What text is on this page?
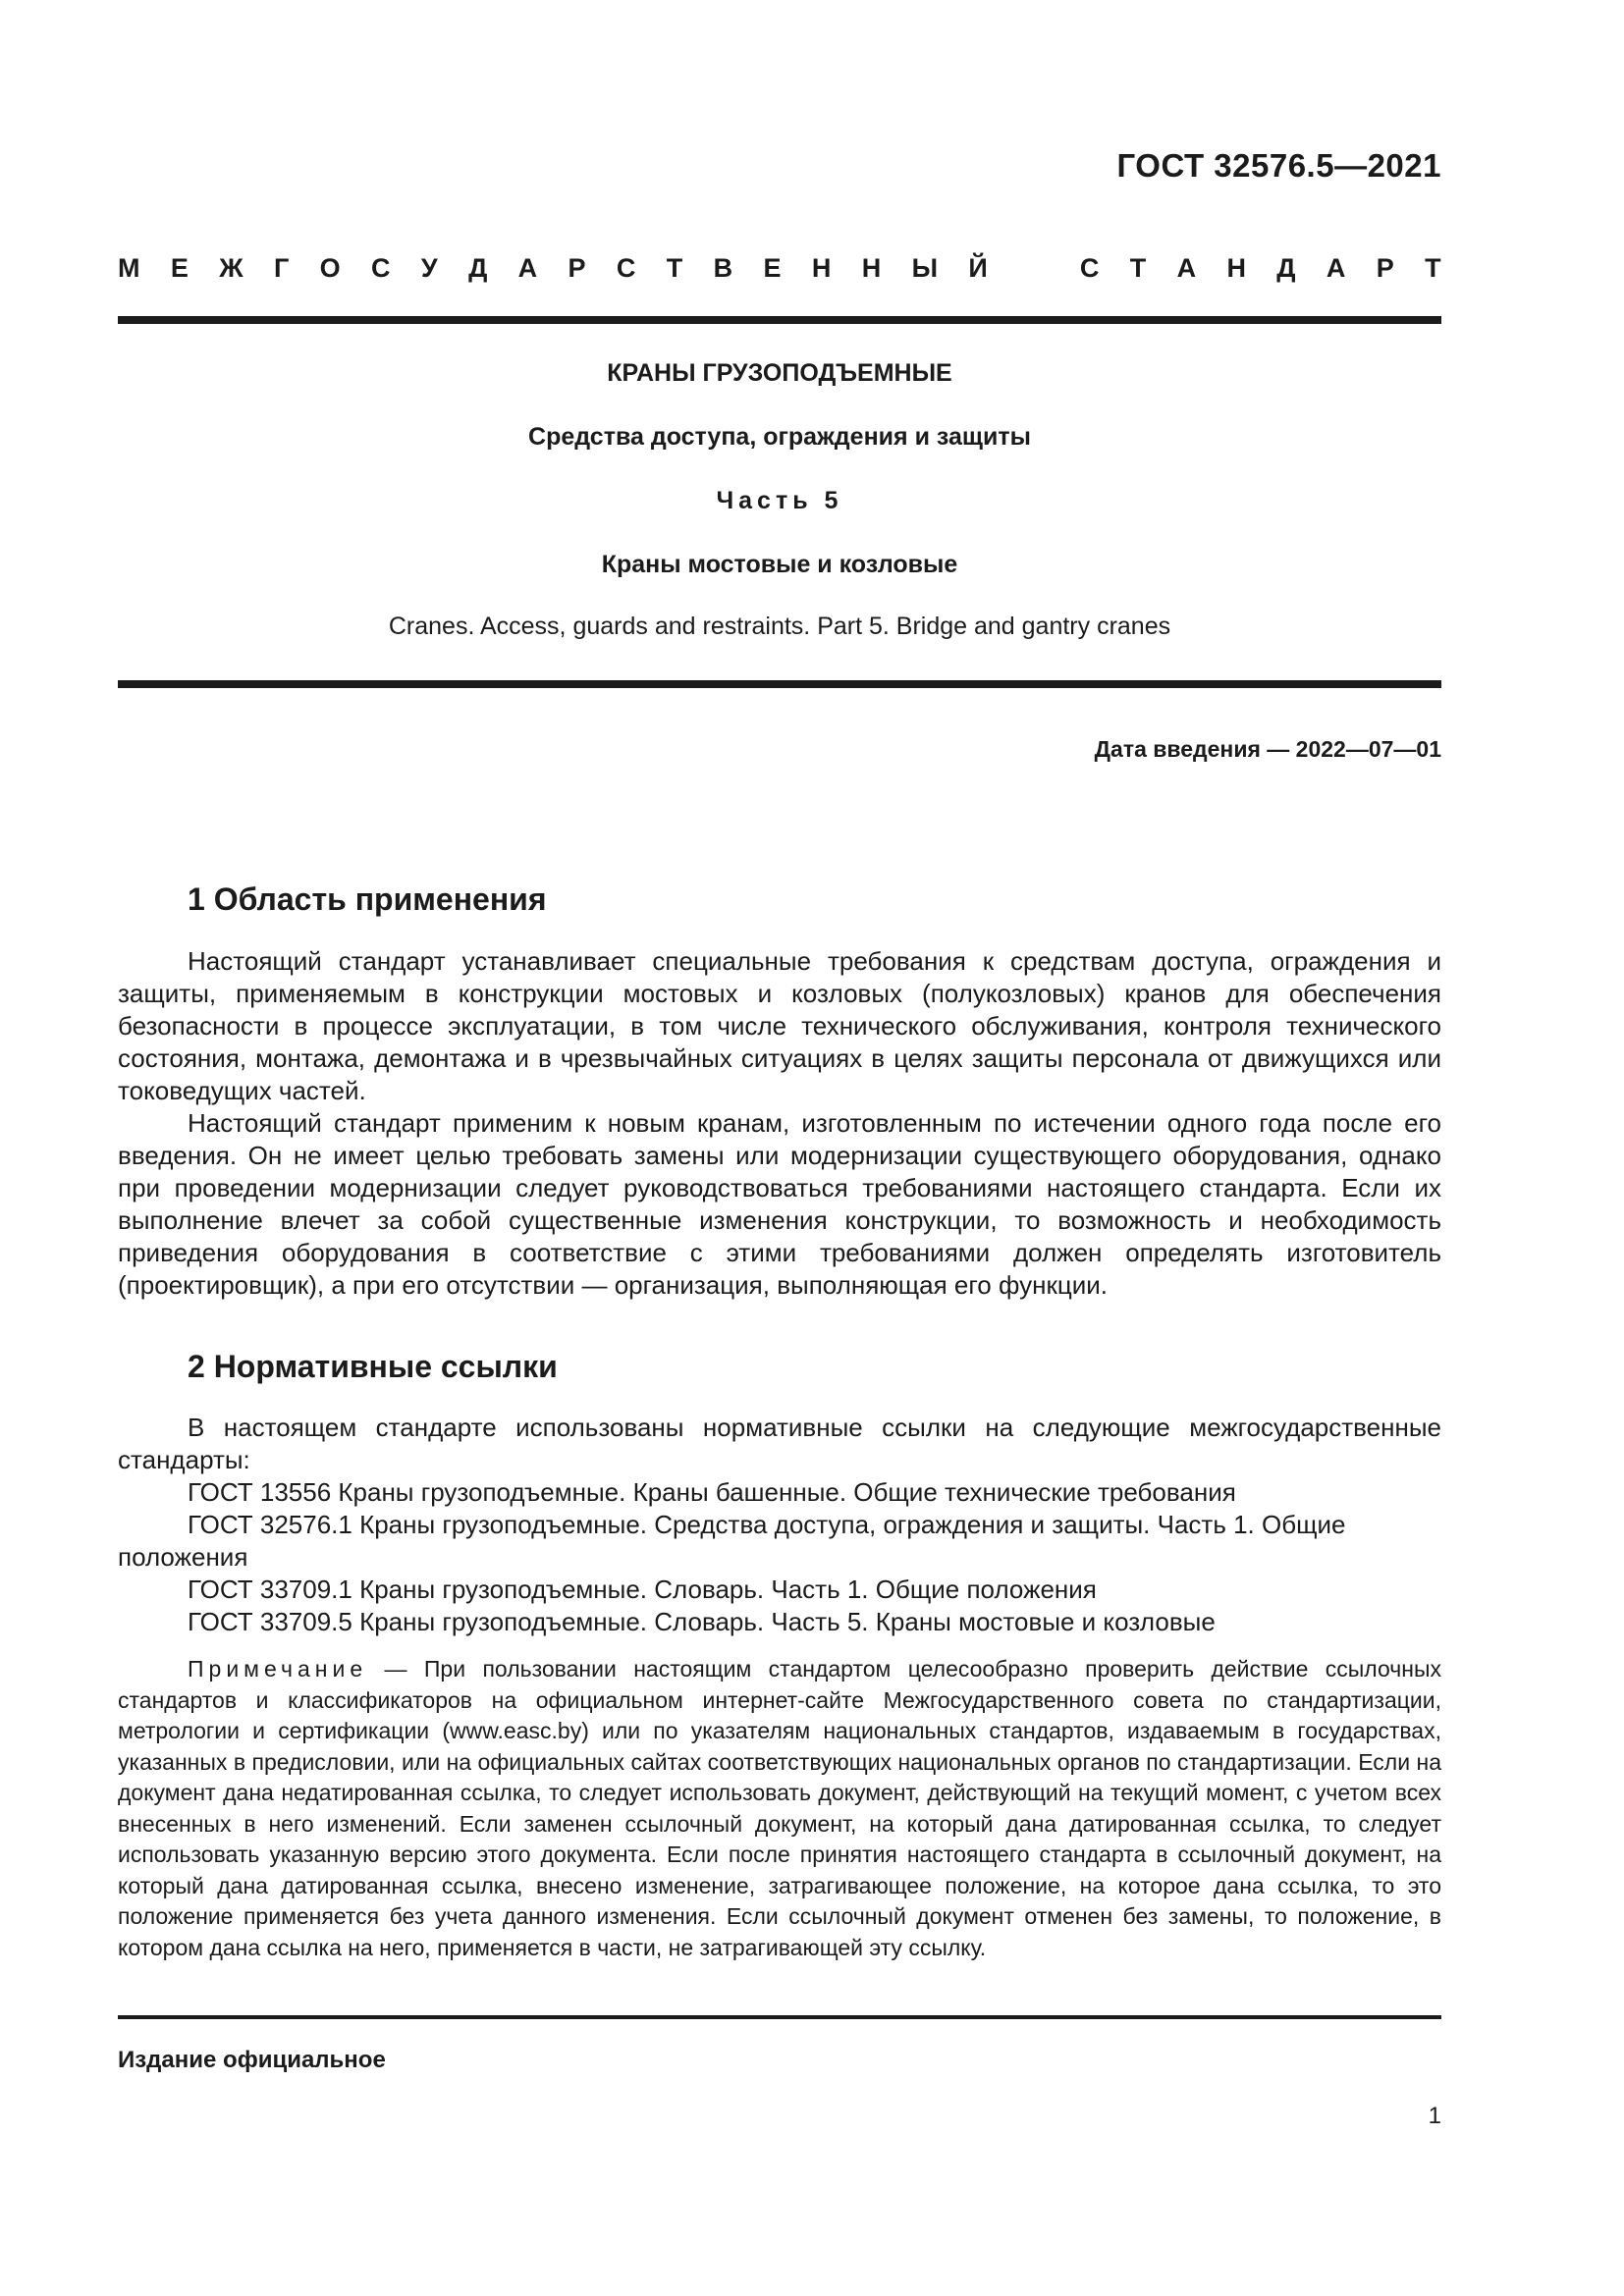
ГОСТ 32576.5—2021
М Е Ж Г О С У Д А Р С Т В Е Н Н Ы Й	С Т А Н Д А Р Т
КРАНЫ ГРУЗОПОДЪЕМНЫЕ
Средства доступа, ограждения и защиты
Часть 5
Краны мостовые и козловые
Cranes. Access, guards and restraints. Part 5. Bridge and gantry cranes
Дата введения — 2022—07—01
1 Область применения

Настоящий стандарт устанавливает специальные требования к средствам доступа, ограждения и защиты, применяемым в конструкции мостовых и козловых (полукозловых) кранов для обеспечения безопасности в процессе эксплуатации, в том числе технического обслуживания, контроля технического состояния, монтажа, демонтажа и в чрезвычайных ситуациях в целях защиты персонала от движущихся или токоведущих частей.

Настоящий стандарт применим к новым кранам, изготовленным по истечении одного года после его введения. Он не имеет целью требовать замены или модернизации существующего оборудования, однако при проведении модернизации следует руководствоваться требованиями настоящего стандарта. Если их выполнение влечет за собой существенные изменения конструкции, то возможность и необходимость приведения оборудования в соответствие с этими требованиями должен определять изготовитель (проектировщик), а при его отсутствии — организация, выполняющая его функции.

2 Нормативные ссылки

В настоящем стандарте использованы нормативные ссылки на следующие межгосударственные стандарты:

ГОСТ 13556 Краны грузоподъемные. Краны башенные. Общие технические требования

ГОСТ 32576.1 Краны грузоподъемные. Средства доступа, ограждения и защиты. Часть 1. Общие положения

ГОСТ 33709.1 Краны грузоподъемные. Словарь. Часть 1. Общие положения

ГОСТ 33709.5 Краны грузоподъемные. Словарь. Часть 5. Краны мостовые и козловые

Примечание — При пользовании настоящим стандартом целесообразно проверить действие ссылочных стандартов и классификаторов на официальном интернет-сайте Межгосударственного совета по стандартизации, метрологии и сертификации (www.easc.by) или по указателям национальных стандартов, издаваемым в государствах, указанных в предисловии, или на официальных сайтах соответствующих национальных органов по стандартизации. Если на документ дана недатированная ссылка, то следует использовать документ, действующий на текущий момент, с учетом всех внесенных в него изменений. Если заменен ссылочный документ, на который дана датированная ссылка, то следует использовать указанную версию этого документа. Если после принятия настоящего стандарта в ссылочный документ, на который дана датированная ссылка, внесено изменение, затрагивающее положение, на которое дана ссылка, то это положение применяется без учета данного изменения. Если ссылочный документ отменен без замены, то положение, в котором дана ссылка на него, применяется в части, не затрагивающей эту ссылку.
Издание официальное
1
